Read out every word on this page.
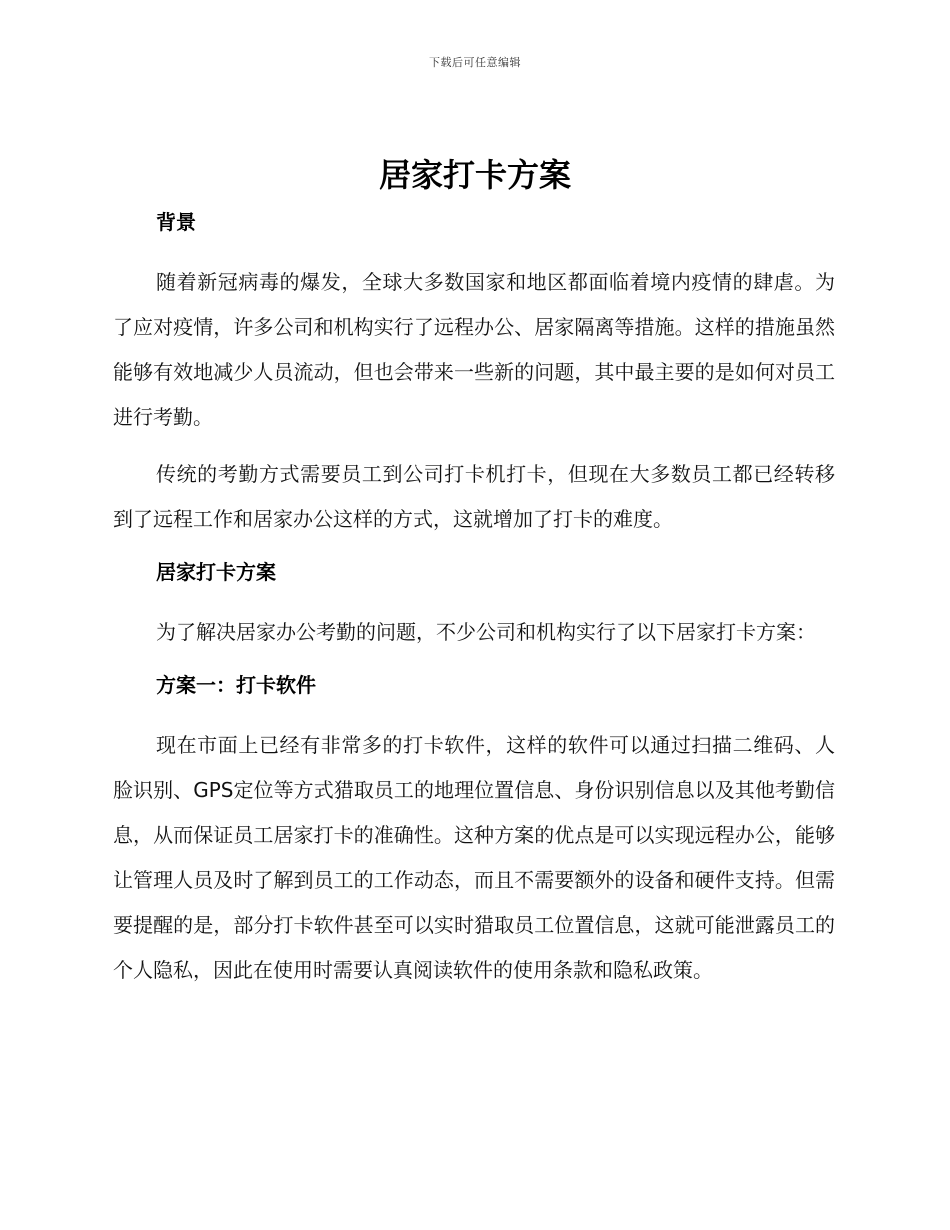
下载后可任意编辑
居家打卡方案
背景

随着新冠病毒的爆发，全球大多数国家和地区都面临着境内疫情的肆虐。为了应对疫情，许多公司和机构实行了远程办公、居家隔离等措施。这样的措施虽然能够有效地减少人员流动，但也会带来一些新的问题，其中最主要的是如何对员工进行考勤。

传统的考勤方式需要员工到公司打卡机打卡，但现在大多数员工都已经转移到了远程工作和居家办公这样的方式，这就增加了打卡的难度。

居家打卡方案

为了解决居家办公考勤的问题，不少公司和机构实行了以下居家打卡方案：

方案一：打卡软件

现在市面上已经有非常多的打卡软件，这样的软件可以通过扫描二维码、人脸识别、GPS定位等方式猎取员工的地理位置信息、身份识别信息以及其他考勤信息，从而保证员工居家打卡的准确性。这种方案的优点是可以实现远程办公，能够让管理人员及时了解到员工的工作动态，而且不需要额外的设备和硬件支持。但需要提醒的是，部分打卡软件甚至可以实时猎取员工位置信息，这就可能泄露员工的个人隐私，因此在使用时需要认真阅读软件的使用条款和隐私政策。
